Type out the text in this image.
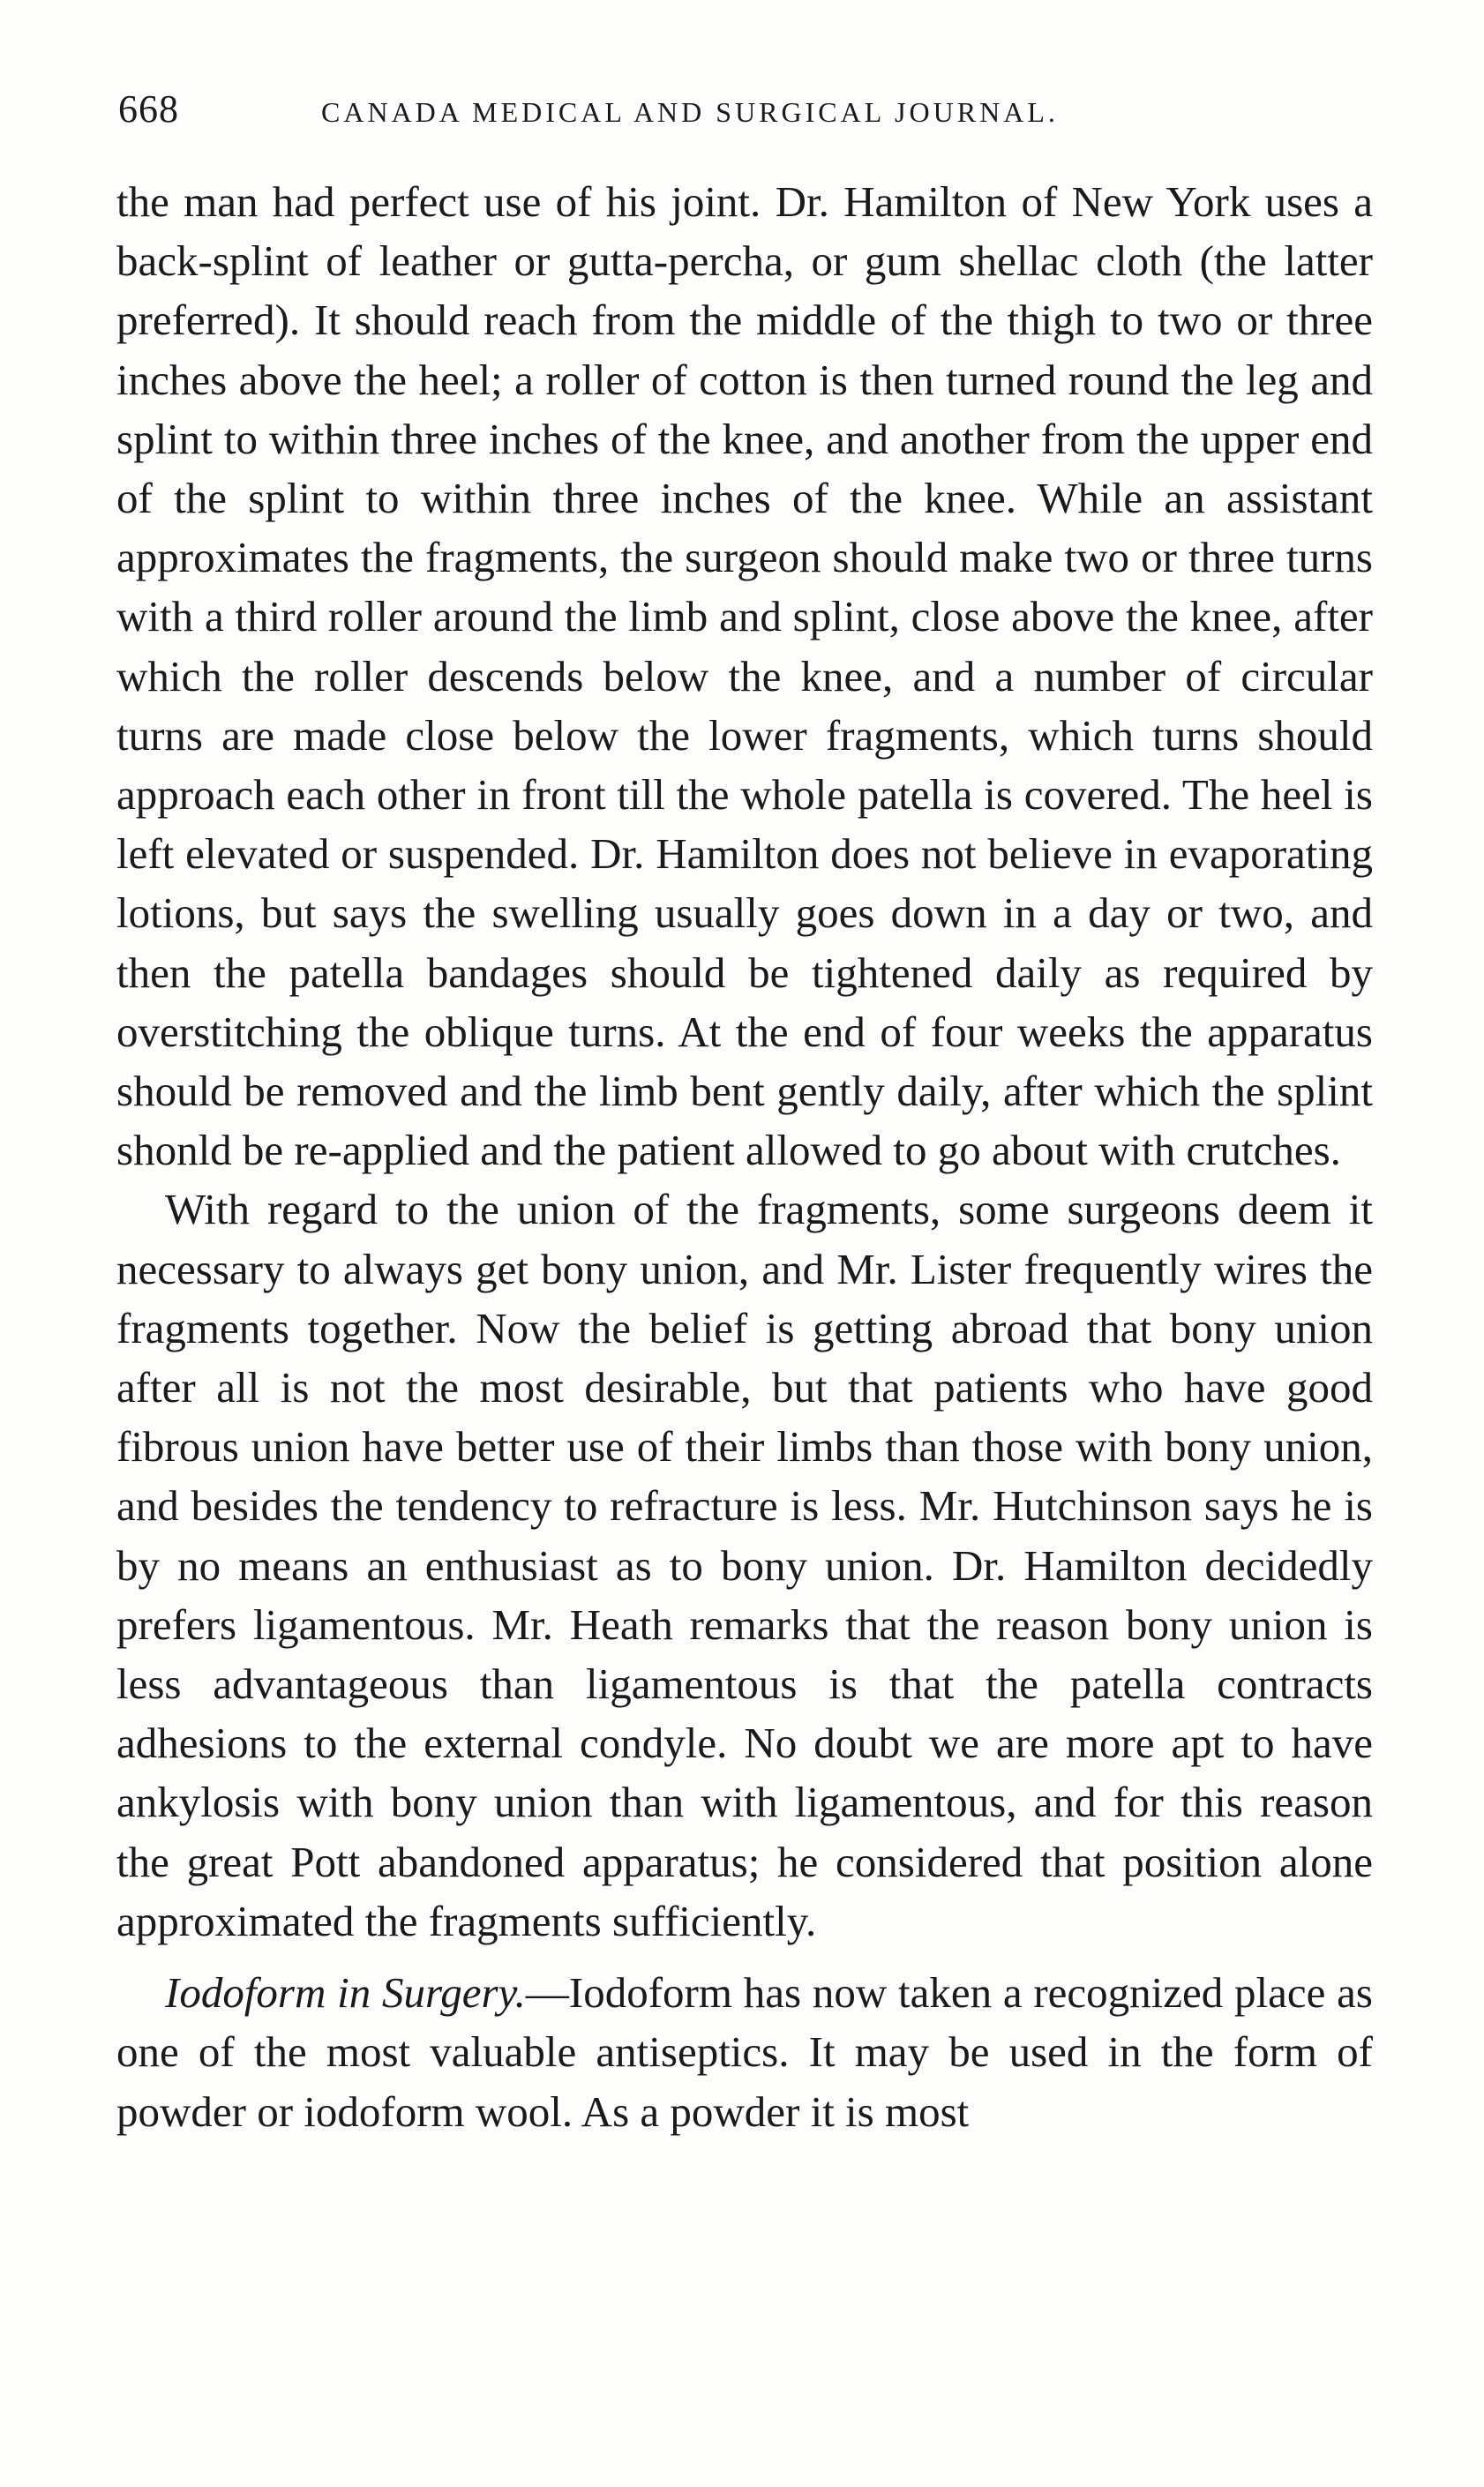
668	CANADA MEDICAL AND SURGICAL JOURNAL.

the man had perfect use of his joint. Dr. Hamilton of New York uses a back-splint of leather or gutta-percha, or gum shellac cloth (the latter preferred). It should reach from the middle of the thigh to two or three inches above the heel; a roller of cotton is then turned round the leg and splint to within three inches of the knee, and another from the upper end of the splint to within three inches of the knee. While an assistant approximates the fragments, the surgeon should make two or three turns with a third roller around the limb and splint, close above the knee, after which the roller descends below the knee, and a number of circular turns are made close below the lower fragments, which turns should approach each other in front till the whole patella is covered. The heel is left elevated or suspended. Dr. Hamilton does not believe in evaporating lotions, but says the swelling usually goes down in a day or two, and then the patella bandages should be tightened daily as required by overstitching the oblique turns. At the end of four weeks the apparatus should be removed and the limb bent gently daily, after which the splint shonld be re-applied and the patient allowed to go about with crutches.

With regard to the union of the fragments, some surgeons deem it necessary to always get bony union, and Mr. Lister frequently wires the fragments together. Now the belief is getting abroad that bony union after all is not the most desirable, but that patients who have good fibrous union have better use of their limbs than those with bony union, and besides the tendency to refracture is less. Mr. Hutchinson says he is by no means an enthusiast as to bony union. Dr. Hamilton decidedly prefers ligamentous. Mr. Heath remarks that the reason bony union is less advantageous than ligamentous is that the patella contracts adhesions to the external condyle. No doubt we are more apt to have ankylosis with bony union than with ligamentous, and for this reason the great Pott abandoned apparatus; he considered that position alone approximated the fragments sufficiently.

Iodoform in Surgery.—Iodoform has now taken a recognized place as one of the most valuable antiseptics. It may be used in the form of powder or iodoform wool. As a powder it is most
